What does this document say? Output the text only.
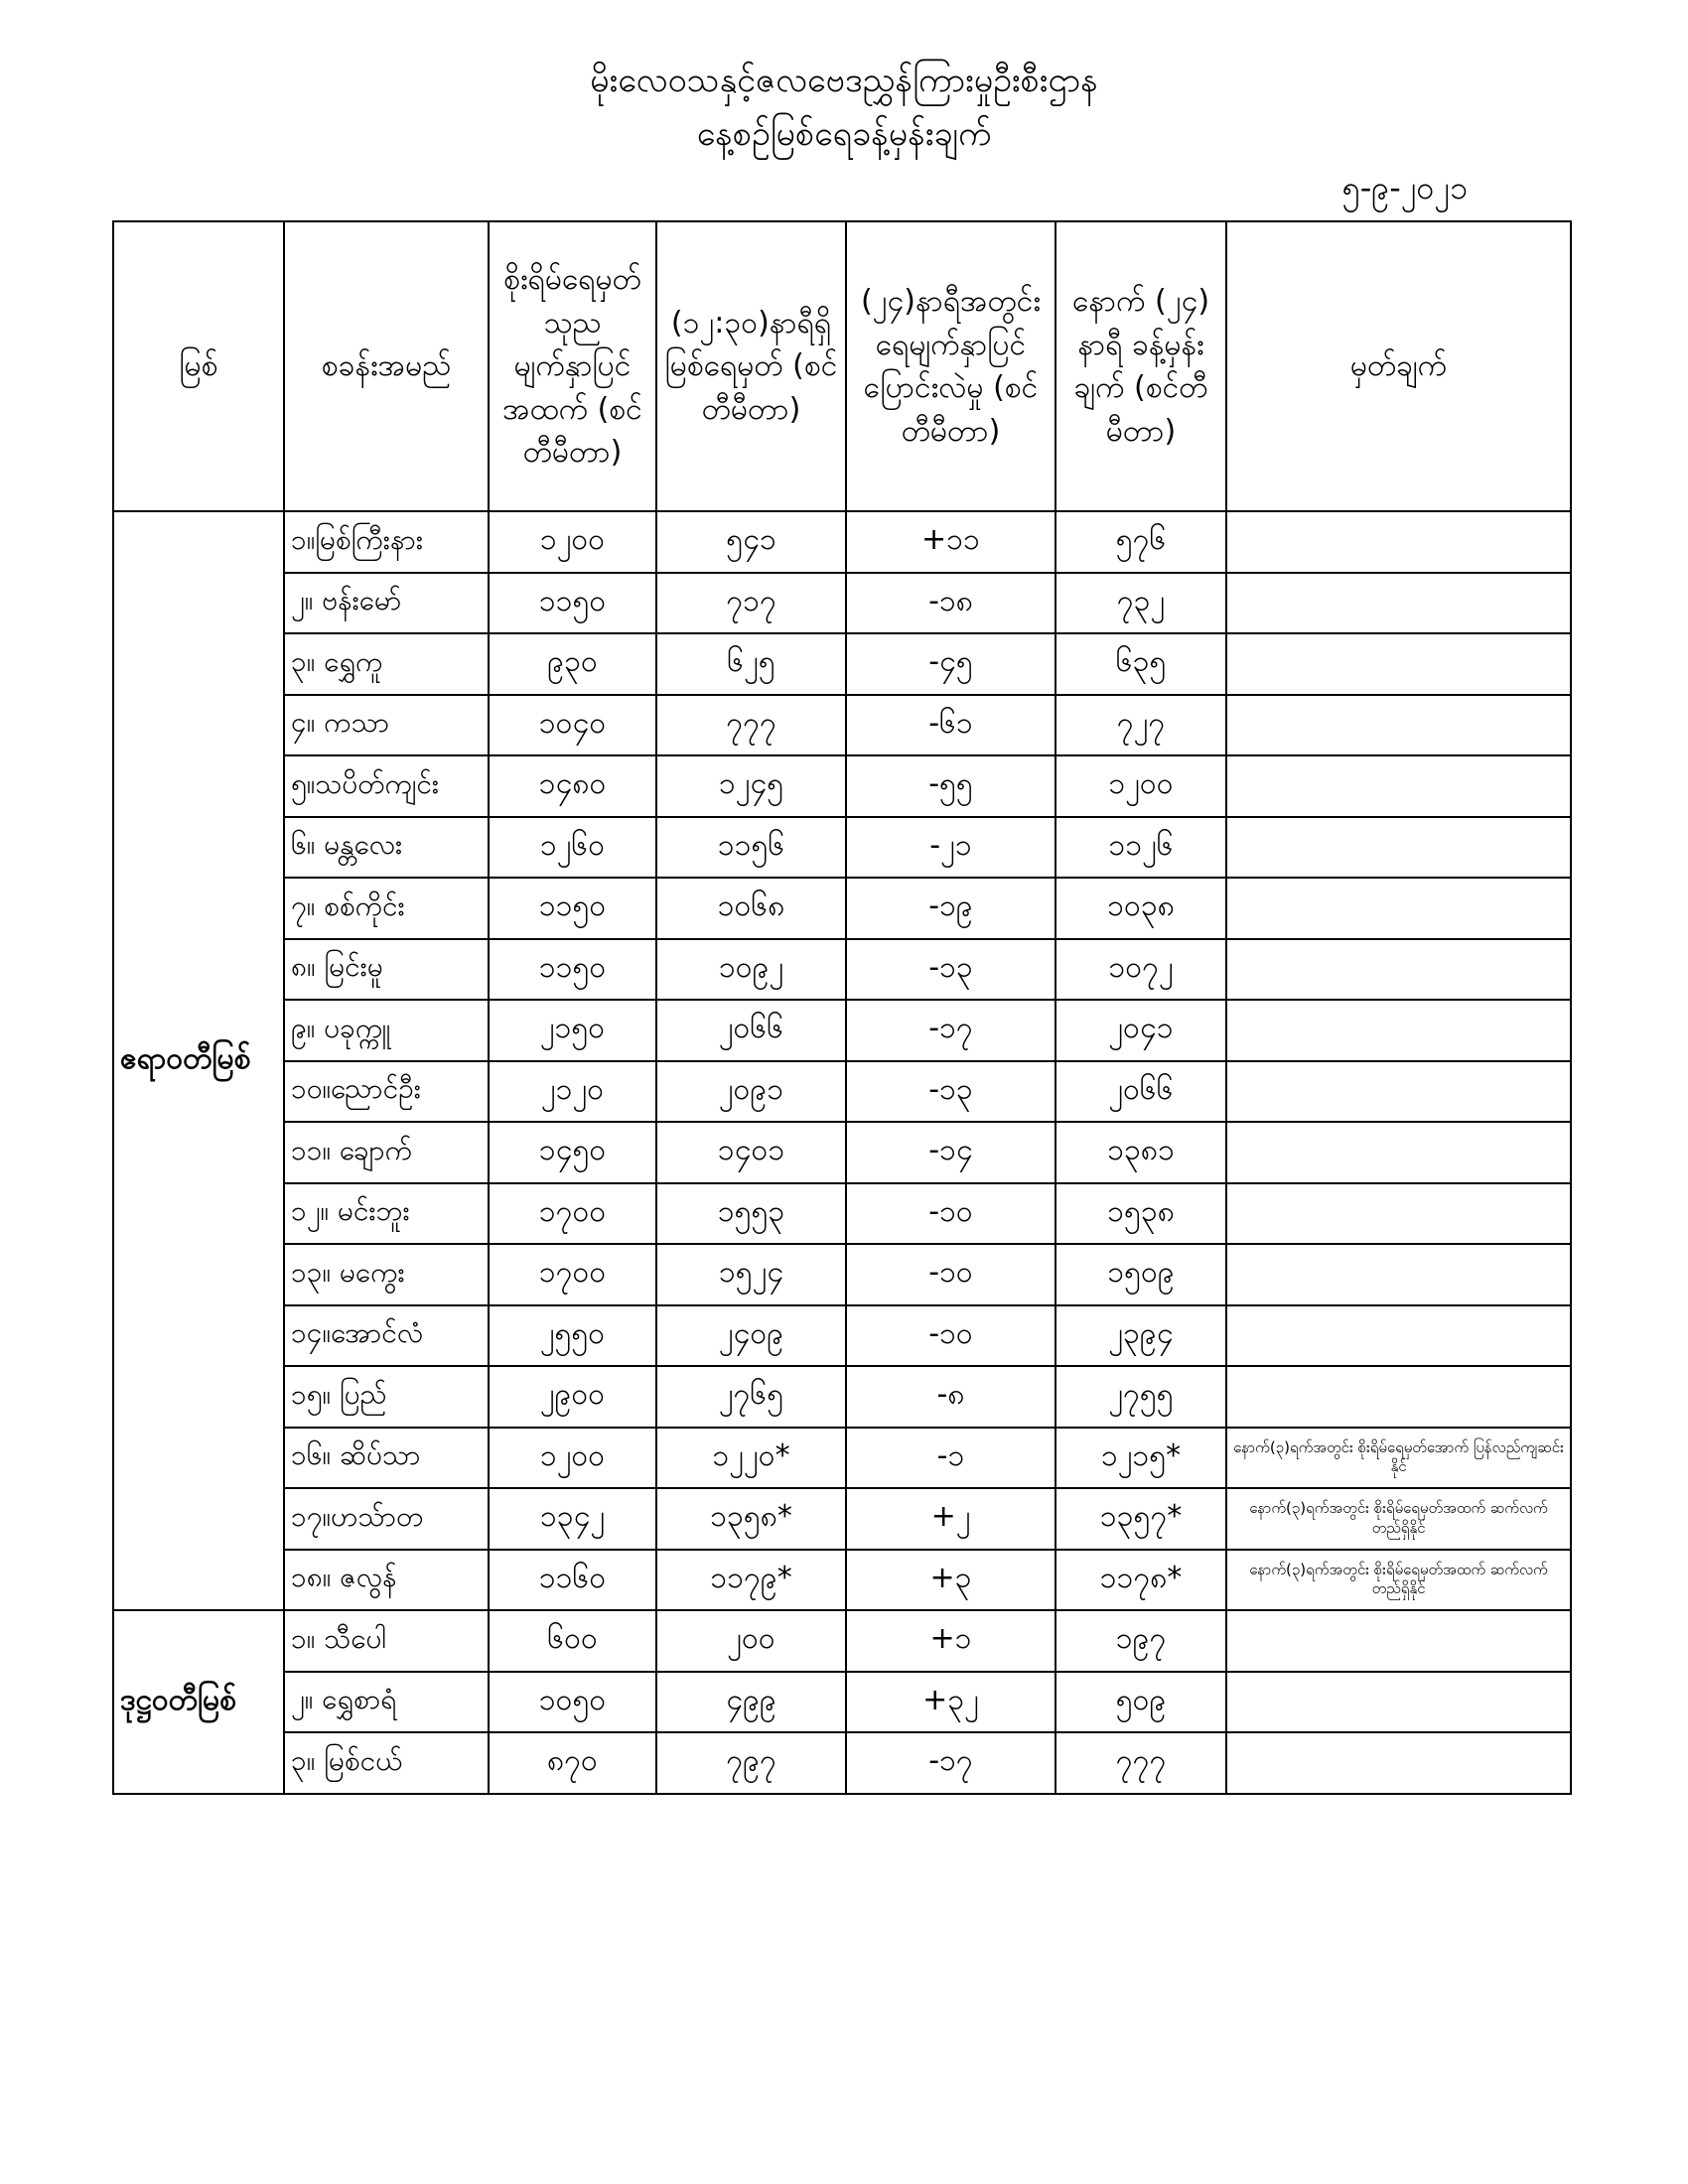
မိုးလေဝသနှင့်ဇလဗေဒညွှန်ကြားမှုဦးစီးဌာန
နေ့စဉ်မြစ်ရေခန့်မှန်းချက်
၅-၉-၂၀၂၁
မြစ်	စခန်းအမည်	စိုးရိမ်ရေမှတ် သုည မျက်နှာပြင် အထက် (စင်တီမီတာ)	(၁၂:၃၀)နာရီရှိ မြစ်ရေမှတ် (စင်တီမီတာ)	(၂၄)နာရီအတွင်း ရေမျက်နှာပြင် ပြောင်းလဲမှု (စင်တီမီတာ)	နောက် (၂၄) နာရီ ခန့်မှန်းချက် (စင်တီမီတာ)	မှတ်ချက်
ဧရာဝတီမြစ်	၁။မြစ်ကြီးနား	၁၂၀၀	၅၄၁	+၁၁	၅၇၆	
	၂။ ဗန်းမော်	၁၁၅၀	၇၁၇	-၁၈	၇၃၂	
	၃။ ရွှေကူ	၉၃၀	၆၂၅	-၄၅	၆၃၅	
	၄။ ကသာ	၁၀၄၀	၇၇၇	-၆၁	၇၂၇	
	၅။သပိတ်ကျင်း	၁၄၈၀	၁၂၄၅	-၅၅	၁၂၀၀	
	၆။ မန္တလေး	၁၂၆၀	၁၁၅၆	-၂၁	၁၁၂၆	
	၇။ စစ်ကိုင်း	၁၁၅၀	၁၀၆၈	-၁၉	၁၀၃၈	
	၈။ မြင်းမူ	၁၁၅၀	၁၀၉၂	-၁၃	၁၀၇၂	
	၉။ ပခုက္ကူ	၂၁၅၀	၂၀၆၆	-၁၇	၂၀၄၁	
	၁၀။ညောင်ဦး	၂၁၂၀	၂၀၉၁	-၁၃	၂၀၆၆	
	၁၁။ ချောက်	၁၄၅၀	၁၄၀၁	-၁၄	၁၃၈၁	
	၁၂။ မင်းဘူး	၁၇၀၀	၁၅၅၃	-၁၀	၁၅၃၈	
	၁၃။ မကွေး	၁၇၀၀	၁၅၂၄	-၁၀	၁၅၀၉	
	၁၄။အောင်လံ	၂၅၅၀	၂၄၀၉	-၁၀	၂၃၉၄	
	၁၅။ ပြည်	၂၉၀၀	၂၇၆၅	-၈	၂၇၅၅	
	၁၆။ ဆိပ်သာ	၁၂၀၀	၁၂၂၀*	-၁	၁၂၁၅*	နောက်(၃)ရက်အတွင်း စိုးရိမ်ရေမှတ်အောက် ပြန်လည်ကျဆင်းနိုင်
	၁၇။ဟသ်ာတ	၁၃၄၂	၁၃၅၈*	+၂	၁၃၅၇*	နောက်(၃)ရက်အတွင်း စိုးရိမ်ရေမှတ်အထက် ဆက်လက်တည်ရှိနိုင်
	၁၈။ ဇလွန်	၁၁၆၀	၁၁၇၉*	+၃	၁၁၇၈*	နောက်(၃)ရက်အတွင်း စိုးရိမ်ရေမှတ်အထက် ဆက်လက်တည်ရှိနိုင်
ဒုဋ္ဌဝတီမြစ်	၁။ သီပေါ	၆၀၀	၂၀၀	+၁	၁၉၇	
	၂။ ရွှေစာရံ	၁၀၅၀	၄၉၉	+၃၂	၅၀၉	
	၃။ မြစ်ငယ်	၈၇၀	၇၉၇	-၁၇	၇၇၇	
